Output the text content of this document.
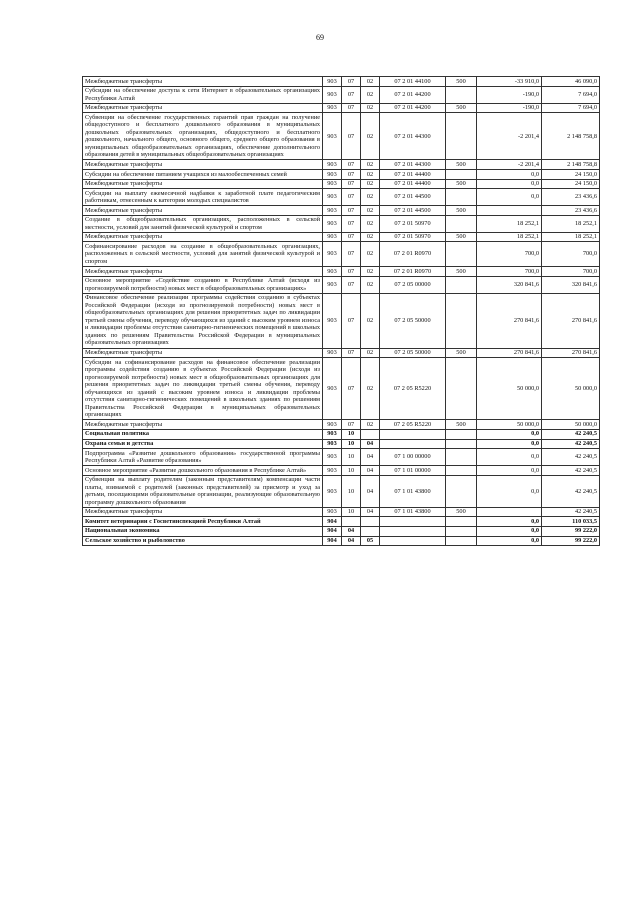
69
Межбюджетные трансферты	903	07	02	07 2 01 44100	500	-33 910,0	46 090,0
Субсидии на обеспечение доступа к сети Интернет в образовательных организациях Республики Алтай	903	07	02	07 2 01 44200		-190,0	7 694,0
Межбюджетные трансферты	903	07	02	07 2 01 44200	500	-190,0	7 694,0
Субвенции на обеспечение государственных гарантий прав граждан на получение общедоступного и бесплатного дошкольного образования в муниципальных дошкольных образовательных организациях, общедоступного и бесплатного дошкольного, начального общего, основного общего, среднего общего образования в муниципальных общеобразовательных организациях, обеспечение дополнительного образования детей в муниципальных общеобразовательных организациях	903	07	02	07 2 01 44300		-2 201,4	2 148 758,8
Межбюджетные трансферты	903	07	02	07 2 01 44300	500	-2 201,4	2 148 758,8
Субсидии на обеспечение питанием учащихся из малообеспеченных семей	903	07	02	07 2 01 44400		0,0	24 150,0
Межбюджетные трансферты	903	07	02	07 2 01 44400	500	0,0	24 150,0
Субсидии на выплату ежемесячной надбавки к заработной плате педагогическим работникам, отнесенным к категории молодых специалистов	903	07	02	07 2 01 44500		0,0	23 436,6
Межбюджетные трансферты	903	07	02	07 2 01 44500	500		23 436,6
Создание в общеобразовательных организациях, расположенных в сельской местности, условий для занятий физической культурой и спортом	903	07	02	07 2 01 50970		18 252,1	18 252,1
Межбюджетные трансферты	903	07	02	07 2 01 50970	500	18 252,1	18 252,1
Софинансирование расходов на создание в общеобразовательных организациях, расположенных в сельской местности, условий для занятий физической культурой и спортом	903	07	02	07 2 01 R0970		700,0	700,0
Межбюджетные трансферты	903	07	02	07 2 01 R0970	500	700,0	700,0
Основное мероприятие «Содействие созданию в Республике Алтай (исходя из прогнозируемой потребности) новых мест в общеобразовательных организациях»	903	07	02	07 2 05 00000		320 841,6	320 841,6
Финансовое обеспечение реализации программы содействия созданию в субъектах Российской Федерации (исходя из прогнозируемой потребности) новых мест в общеобразовательных организациях для решения приоритетных задач по ликвидации третьей смены обучения, переводу обучающихся из зданий с высоким уровнем износа и ликвидации проблемы отсутствия санитарно-гигиенических помещений в школьных зданиях по решениям Правительства Российской Федерации в муниципальных образовательных организациях	903	07	02	07 2 05 50000		270 841,6	270 841,6
Межбюджетные трансферты	903	07	02	07 2 05 50000	500	270 841,6	270 841,6
Субсидии на софинансирование расходов на финансовое обеспечение реализации программы содействия созданию в субъектах Российской Федерации (исходя из прогнозируемой потребности) новых мест в общеобразовательных организациях для решения приоритетных задач по ликвидации третьей смены обучения, переводу обучающихся из зданий с высоким уровнем износа и ликвидации проблемы отсутствия санитарно-гигиенических помещений в школьных зданиях по решениям Правительства Российской Федерации в муниципальных образовательных организациях	903	07	02	07 2 05 R5220		50 000,0	50 000,0
Межбюджетные трансферты	903	07	02	07 2 05 R5220	500	50 000,0	50 000,0
Социальная политика	903	10				0,0	42 240,5
Охрана семьи и детства	903	10	04			0,0	42 240,5
Подпрограмма «Развитие дошкольного образования» государственной программы Республики Алтай «Развитие образования»	903	10	04	07 1 00 00000		0,0	42 240,5
Основное мероприятие «Развитие дошкольного образования в Республике Алтай»	903	10	04	07 1 01 00000		0,0	42 240,5
Субвенции на выплату родителям (законным представителям) компенсации части платы, взимаемой с родителей (законных представителей) за присмотр и уход за детьми, посещающими образовательные организации, реализующие образовательную программу дошкольного образования	903	10	04	07 1 01 43800		0,0	42 240,5
Межбюджетные трансферты	903	10	04	07 1 01 43800	500		42 240,5
Комитет ветеринарии с Госветинспекцией Республики Алтай	904					0,0	110 033,5
Национальная экономика	904	04				0,0	99 222,0
Сельское хозяйство и рыболовство	904	04	05			0,0	99 222,0
